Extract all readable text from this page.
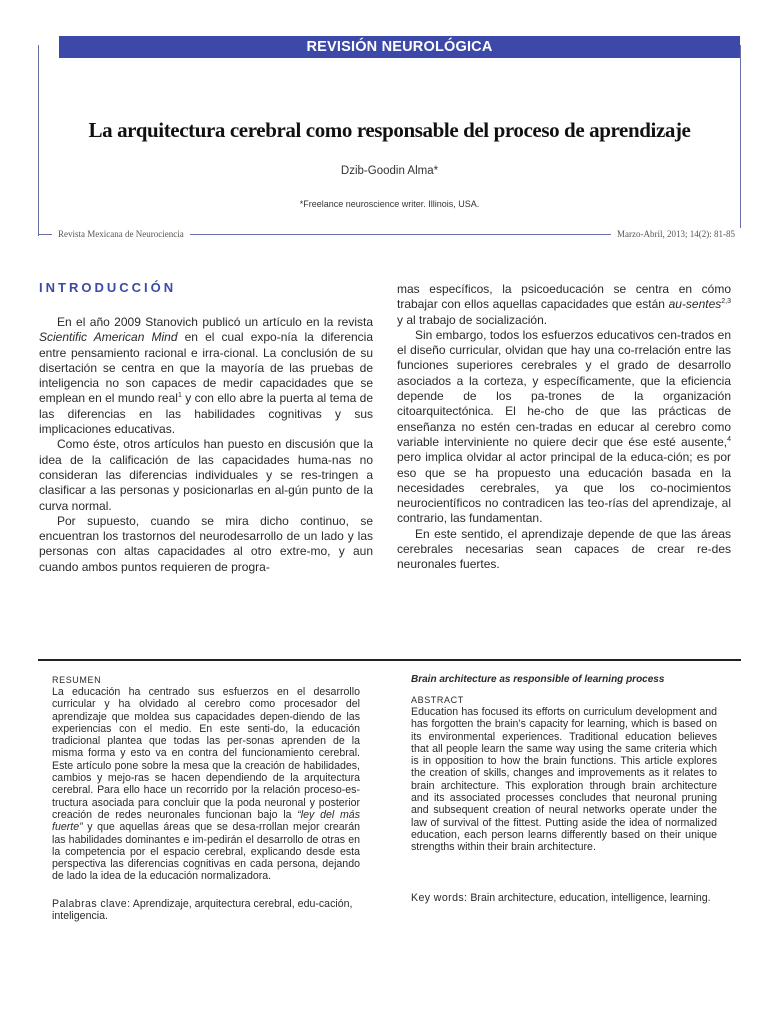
REVISIÓN NEUROLÓGICA
La arquitectura cerebral como responsable del proceso de aprendizaje
Dzib-Goodin Alma*
*Freelance neuroscience writer. Illinois, USA.
Revista Mexicana de Neurociencia	Marzo-Abril, 2013; 14(2): 81-85
INTRODUCCIÓN

En el año 2009 Stanovich publicó un artículo en la revista Scientific American Mind en el cual expo-nía la diferencia entre pensamiento racional e irra-cional. La conclusión de su disertación se centra en que la mayoría de las pruebas de inteligencia no son capaces de medir capacidades que se emplean en el mundo real$^1$ y con ello abre la puerta al tema de las diferencias en las habilidades cognitivas y sus implicaciones educativas.

Como éste, otros artículos han puesto en discusión que la idea de la calificación de las capacidades huma-nas no consideran las diferencias individuales y se res-tringen a clasificar a las personas y posicionarlas en al-gún punto de la curva normal.

Por supuesto, cuando se mira dicho continuo, se encuentran los trastornos del neurodesarrollo de un lado y las personas con altas capacidades al otro extre-mo, y aun cuando ambos puntos requieren de progra-

mas específicos, la psicoeducación se centra en cómo trabajar con ellos aquellas capacidades que están au-sentes$^{2,3}$ y al trabajo de socialización.

Sin embargo, todos los esfuerzos educativos cen-trados en el diseño curricular, olvidan que hay una co-rrelación entre las funciones superiores cerebrales y el grado de desarrollo asociados a la corteza, y específicamente, que la eficiencia depende de los pa-trones de la organización citoarquitectónica. El he-cho de que las prácticas de enseñanza no estén cen-tradas en educar al cerebro como variable interviniente no quiere decir que ése esté ausente,$^4$ pero implica olvidar al actor principal de la educa-ción; es por eso que se ha propuesto una educación basada en la necesidades cerebrales, ya que los co-nocimientos neurocientíficos no contradicen las teo-rías del aprendizaje, al contrario, las fundamentan.

En este sentido, el aprendizaje depende de que las áreas cerebrales necesarias sean capaces de crear re-des neuronales fuertes.

RESUMEN

La educación ha centrado sus esfuerzos en el desarrollo curricular y ha olvidado al cerebro como procesador del aprendizaje que moldea sus capacidades depen-diendo de las experiencias con el medio. En este senti-do, la educación tradicional plantea que todas las per-sonas aprenden de la misma forma y esto va en contra del funcionamiento cerebral. Este artículo pone sobre la mesa que la creación de habilidades, cambios y mejo-ras se hacen dependiendo de la arquitectura cerebral. Para ello hace un recorrido por la relación proceso-es-tructura asociada para concluir que la poda neuronal y posterior creación de redes neuronales funcionan bajo la “ley del más fuerte” y que aquellas áreas que se desa-rrollan mejor crearán las habilidades dominantes e im-pedirán el desarrollo de otras en la competencia por el espacio cerebral, explicando desde esta perspectiva las diferencias cognitivas en cada persona, dejando de lado la idea de la educación normalizadora.

Palabras clave: Aprendizaje, arquitectura cerebral, edu-cación, inteligencia.

Brain architecture as responsible of learning process

ABSTRACT

Education has focused its efforts on curriculum development and has forgotten the brain’s capacity for learning, which is based on its environmental experiences. Traditional education believes that all people learn the same way using the same criteria which is in opposition to how the brain functions. This article explores the creation of skills, changes and improvements as it relates to brain architecture. This exploration through brain architecture and its associated processes concludes that neuronal pruning and subsequent creation of neural networks operate under the law of survival of the fittest. Putting aside the idea of normalized education, each person learns differently based on their unique strengths within their brain architecture.

Key words: Brain architecture, education, intelligence, learning.
